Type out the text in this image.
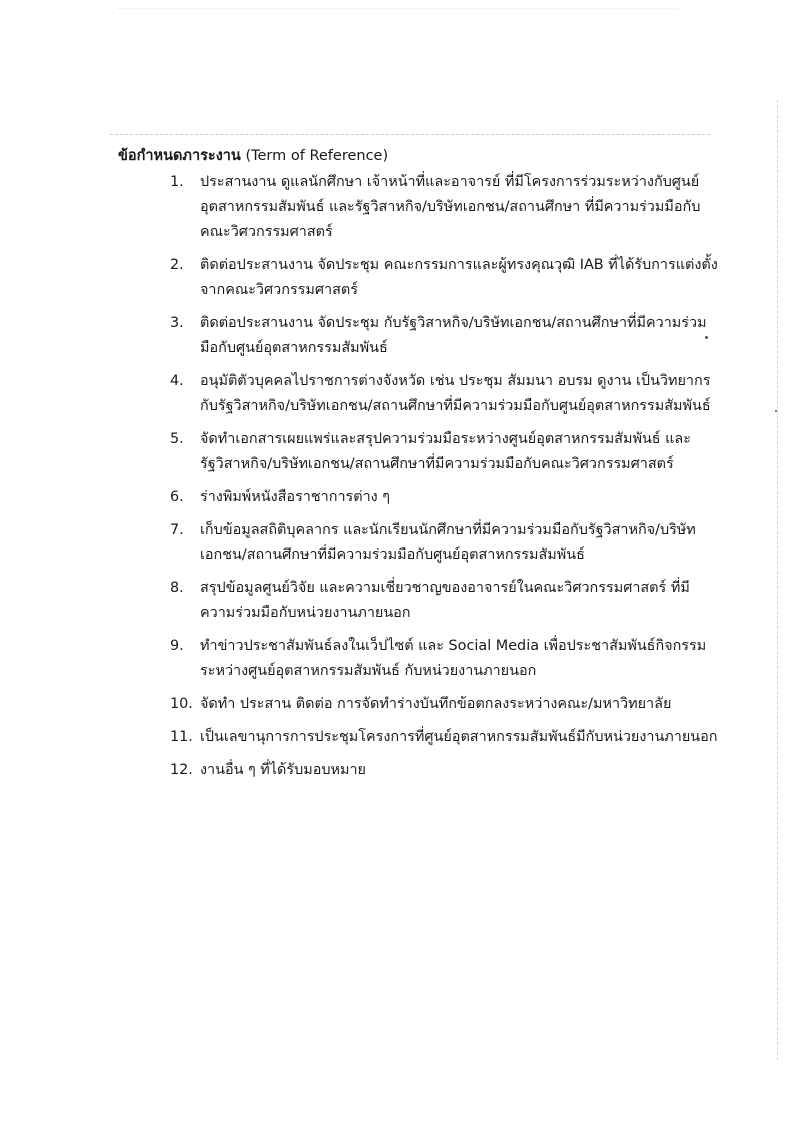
ข้อกำหนดภาระงาน (Term of Reference)
1.	ประสานงาน ดูแลนักศึกษา เจ้าหน้าที่และอาจารย์ ที่มีโครงการร่วมระหว่างกับศูนย์อุตสาหกรรมสัมพันธ์ และรัฐวิสาหกิจ/บริษัทเอกชน/สถานศึกษา ที่มีความร่วมมือกับคณะวิศวกรรมศาสตร์
2.	ติดต่อประสานงาน จัดประชุม คณะกรรมการและผู้ทรงคุณวุฒิ IAB ที่ได้รับการแต่งตั้งจากคณะวิศวกรรมศาสตร์
3.	ติดต่อประสานงาน จัดประชุม กับรัฐวิสาหกิจ/บริษัทเอกชน/สถานศึกษาที่มีความร่วมมือกับศูนย์อุตสาหกรรมสัมพันธ์
4.	อนุมัติตัวบุคคลไปราชการต่างจังหวัด เช่น ประชุม สัมมนา อบรม ดูงาน เป็นวิทยากร กับรัฐวิสาหกิจ/บริษัทเอกชน/สถานศึกษาที่มีความร่วมมือกับศูนย์อุตสาหกรรมสัมพันธ์
5.	จัดทำเอกสารเผยแพร่และสรุปความร่วมมือระหว่างศูนย์อุตสาหกรรมสัมพันธ์ และรัฐวิสาหกิจ/บริษัทเอกชน/สถานศึกษาที่มีความร่วมมือกับคณะวิศวกรรมศาสตร์
6.	ร่างพิมพ์หนังสือราชาการต่าง ๆ
7.	เก็บข้อมูลสถิติบุคลากร และนักเรียนนักศึกษาที่มีความร่วมมือกับรัฐวิสาหกิจ/บริษัทเอกชน/สถานศึกษาที่มีความร่วมมือกับศูนย์อุตสาหกรรมสัมพันธ์
8.	สรุปข้อมูลศูนย์วิจัย และความเชี่ยวชาญของอาจารย์ในคณะวิศวกรรมศาสตร์ ที่มีความร่วมมือกับหน่วยงานภายนอก
9.	ทำข่าวประชาสัมพันธ์ลงในเว็ปไซต์ และ Social Media เพื่อประชาสัมพันธ์กิจกรรมระหว่างศูนย์อุตสาหกรรมสัมพันธ์ กับหน่วยงานภายนอก
10. จัดทำ ประสาน ติดต่อ การจัดทำร่างบันทึกข้อตกลงระหว่างคณะ/มหาวิทยาลัย
11. เป็นเลขานุการการประชุมโครงการที่ศูนย์อุตสาหกรรมสัมพันธ์มีกับหน่วยงานภายนอก
12. งานอื่น ๆ ที่ได้รับมอบหมาย
